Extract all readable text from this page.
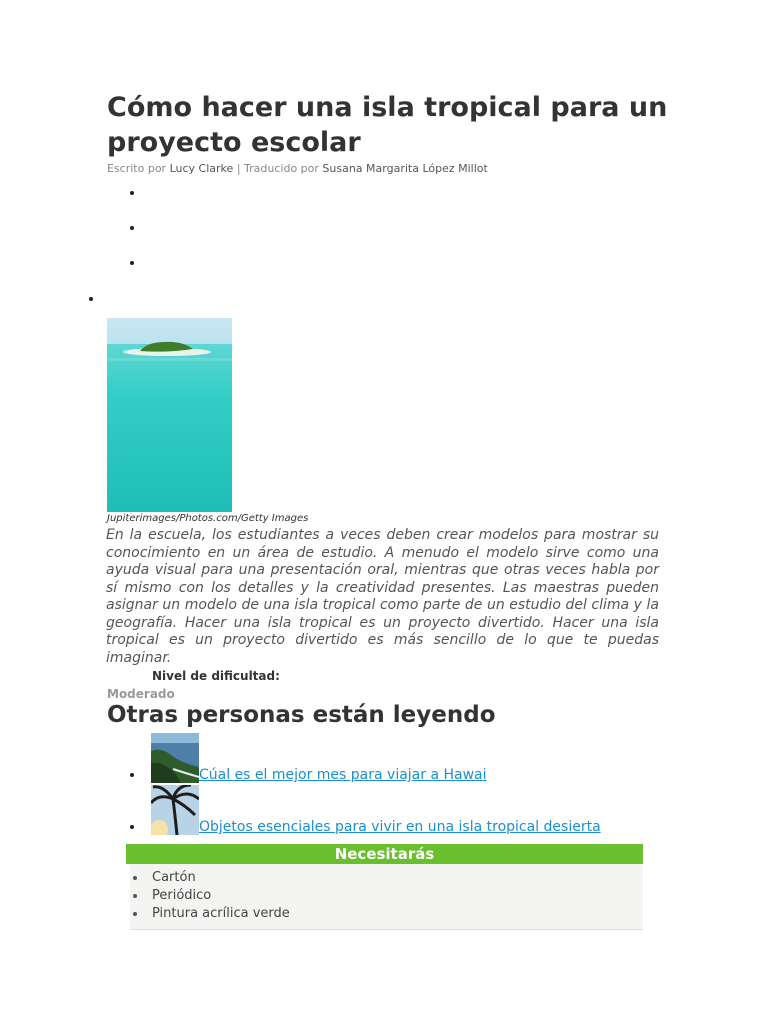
Cómo hacer una isla tropical para un proyecto escolar
Escrito por Lucy Clarke | Traducido por Susana Margarita López Millot
Jupiterimages/Photos.com/Getty Images

En la escuela, los estudiantes a veces deben crear modelos para mostrar su conocimiento en un área de estudio. A menudo el modelo sirve como una ayuda visual para una presentación oral, mientras que otras veces habla por sí mismo con los detalles y la creatividad presentes. Las maestras pueden asignar un modelo de una isla tropical como parte de un estudio del clima y la geografía. Hacer una isla tropical es un proyecto divertido. Hacer una isla tropical es un proyecto divertido es más sencillo de lo que te puedas imaginar.

Nivel de dificultad:
Moderado
Otras personas están leyendo
Cúal es el mejor mes para viajar a Hawai
Objetos esenciales para vivir en una isla tropical desierta
Necesitarás
Cartón
Periódico
Pintura acrílica verde
